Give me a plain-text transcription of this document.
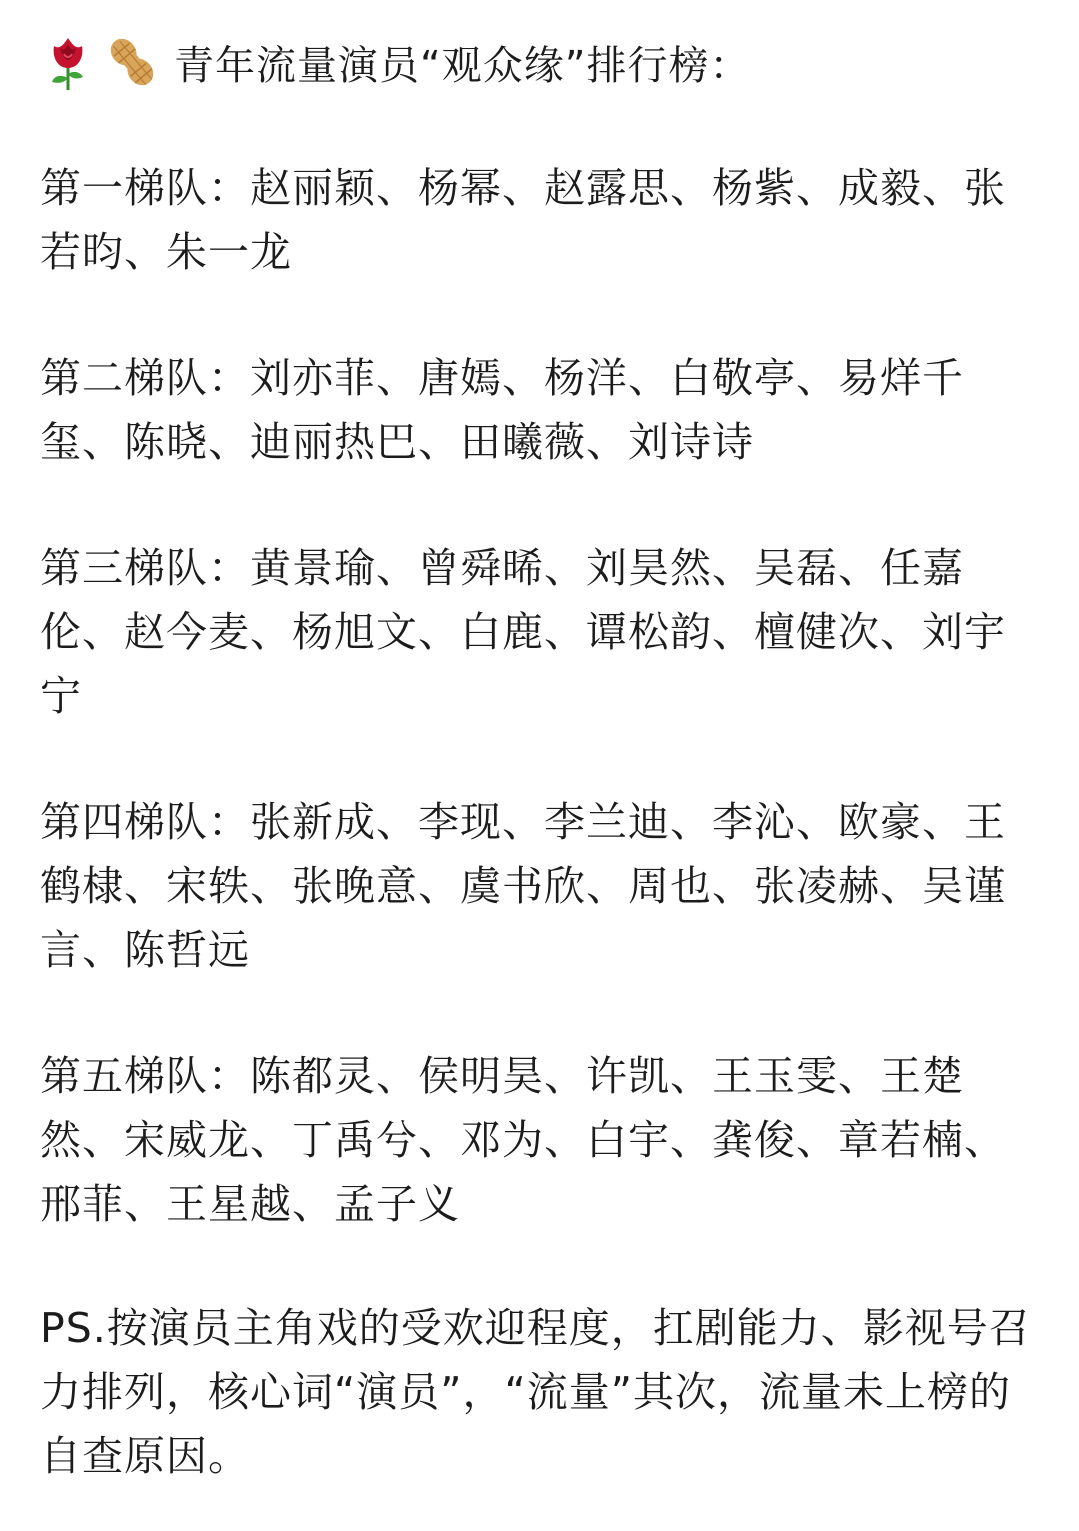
青年流量演员“观众缘”排行榜：

第一梯队：赵丽颖、杨幂、赵露思、杨紫、成毅、张若昀、朱一龙

第二梯队：刘亦菲、唐嫣、杨洋、白敬亭、易烊千玺、陈晓、迪丽热巴、田曦薇、刘诗诗

第三梯队：黄景瑜、曾舜晞、刘昊然、吴磊、任嘉伦、赵今麦、杨旭文、白鹿、谭松韵、檀健次、刘宇宁

第四梯队：张新成、李现、李兰迪、李沁、欧豪、王鹤棣、宋轶、张晚意、虞书欣、周也、张凌赫、吴谨言、陈哲远

第五梯队：陈都灵、侯明昊、许凯、王玉雯、王楚然、宋威龙、丁禹兮、邓为、白宇、龚俊、章若楠、邢菲、王星越、孟子义

PS.按演员主角戏的受欢迎程度，扛剧能力、影视号召力排列，核心词“演员”，“流量”其次，流量未上榜的自查原因。
